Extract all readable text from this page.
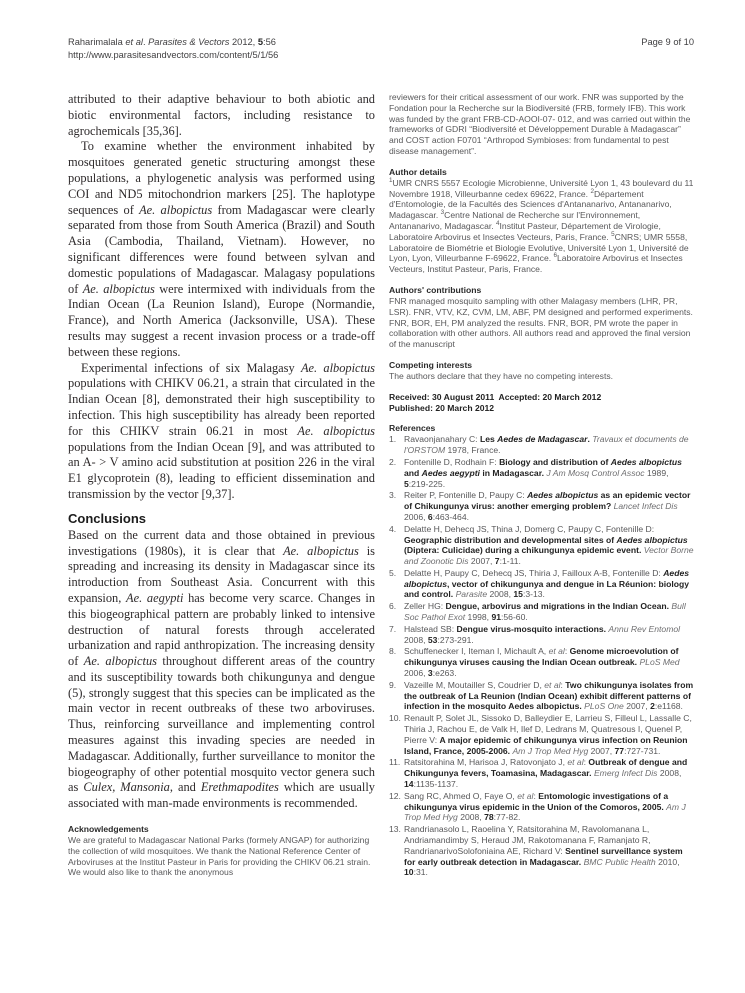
Raharimalala et al. Parasites & Vectors 2012, 5:56
http://www.parasitesandvectors.com/content/5/1/56
Page 9 of 10

attributed to their adaptive behaviour to both abiotic and biotic environmental factors, including resistance to agrochemicals [35,36].

To examine whether the environment inhabited by mosquitoes generated genetic structuring amongst these populations, a phylogenetic analysis was performed using COI and ND5 mitochondrion markers [25]. The haplotype sequences of Ae. albopictus from Madagascar were clearly separated from those from South America (Brazil) and South Asia (Cambodia, Thailand, Vietnam). However, no significant differences were found between sylvan and domestic populations of Madagascar. Malagasy populations of Ae. albopictus were intermixed with individuals from the Indian Ocean (La Reunion Island), Europe (Normandie, France), and North America (Jacksonville, USA). These results may suggest a recent invasion process or a trade-off between these regions.

Experimental infections of six Malagasy Ae. albopictus populations with CHIKV 06.21, a strain that circulated in the Indian Ocean [8], demonstrated their high susceptibility to infection. This high susceptibility has already been reported for this CHIKV strain 06.21 in most Ae. albopictus populations from the Indian Ocean [9], and was attributed to an A- > V amino acid substitution at position 226 in the viral E1 glycoprotein (8), leading to efficient dissemination and transmission by the vector [9,37].

Conclusions

Based on the current data and those obtained in previous investigations (1980s), it is clear that Ae. albopictus is spreading and increasing its density in Madagascar since its introduction from Southeast Asia. Concurrent with this expansion, Ae. aegypti has become very scarce. Changes in this biogeographical pattern are probably linked to intensive destruction of natural forests through accelerated urbanization and rapid anthropization. The increasing density of Ae. albopictus throughout different areas of the country and its susceptibility towards both chikungunya and dengue (5), strongly suggest that this species can be implicated as the main vector in recent outbreaks of these two arboviruses. Thus, reinforcing surveillance and implementing control measures against this invading species are needed in Madagascar. Additionally, further surveillance to monitor the biogeography of other potential mosquito vector genera such as Culex, Mansonia, and Erethmapodites which are usually associated with man-made environments is recommended.

Acknowledgements

We are grateful to Madagascar National Parks (formely ANGAP) for authorizing the collection of wild mosquitoes. We thank the National Reference Center of Arboviruses at the Institut Pasteur in Paris for providing the CHIKV 06.21 strain. We would also like to thank the anonymous

reviewers for their critical assessment of our work. FNR was supported by the Fondation pour la Recherche sur la Biodiversité (FRB, formely IFB). This work was funded by the grant FRB-CD-AOOI-07- 012, and was carried out within the frameworks of GDRI “Biodiversité et Développement Durable à Madagascar” and COST action F0701 “Arthropod Symbioses: from fundamental to pest disease management”.

Author details

$^1$UMR CNRS 5557 Ecologie Microbienne, Université Lyon 1, 43 boulevard du 11 Novembre 1918, Villeurbanne cedex 69622, France. $^2$Département d'Entomologie, de la Facultés des Sciences d'Antananarivo, Antananarivo, Madagascar. $^3$Centre National de Recherche sur l'Environnement, Antananarivo, Madagascar. $^4$Institut Pasteur, Département de Virologie, Laboratoire Arbovirus et Insectes Vecteurs, Paris, France. $^5$CNRS; UMR 5558, Laboratoire de Biométrie et Biologie Evolutive, Université Lyon 1, Université de Lyon, Lyon, Villeurbanne F-69622, France. $^6$Laboratoire Arbovirus et Insectes Vecteurs, Institut Pasteur, Paris, France.

Authors' contributions

FNR managed mosquito sampling with other Malagasy members (LHR, PR, LSR). FNR, VTV, KZ, CVM, LM, ABF, PM designed and performed experiments. FNR, BOR, EH, PM analyzed the results. FNR, BOR, PM wrote the paper in collaboration with other authors. All authors read and approved the final version of the manuscript

Competing interests

The authors declare that they have no competing interests.

Received: 30 August 2011 Accepted: 20 March 2012

Published: 20 March 2012

References
1. Ravaonjanahary C: Les Aedes de Madagascar. Travaux et documents de l'ORSTOM 1978, France.
2. Fontenille D, Rodhain F: Biology and distribution of Aedes albopictus and Aedes aegypti in Madagascar. J Am Mosq Control Assoc 1989, 5:219-225.
3. Reiter P, Fontenille D, Paupy C: Aedes albopictus as an epidemic vector of Chikungunya virus: another emerging problem? Lancet Infect Dis 2006, 6:463-464.
4. Delatte H, Dehecq JS, Thina J, Domerg C, Paupy C, Fontenille D: Geographic distribution and developmental sites of Aedes albopictus (Diptera: Culicidae) during a chikungunya epidemic event. Vector Borne and Zoonotic Dis 2007, 7:1-11.
5. Delatte H, Paupy C, Dehecq JS, Thiria J, Failloux A-B, Fontenille D: Aedes albopictus, vector of chikungunya and dengue in La Réunion: biology and control. Parasite 2008, 15:3-13.
6. Zeller HG: Dengue, arbovirus and migrations in the Indian Ocean. Bull Soc Pathol Exot 1998, 91:56-60.
7. Halstead SB: Dengue virus-mosquito interactions. Annu Rev Entomol 2008, 53:273-291.
8. Schuffenecker I, Iteman I, Michault A, et al: Genome microevolution of chikungunya viruses causing the Indian Ocean outbreak. PLoS Med 2006, 3:e263.
9. Vazeille M, Moutailler S, Coudrier D, et al: Two chikungunya isolates from the outbreak of La Reunion (Indian Ocean) exhibit different patterns of infection in the mosquito Aedes albopictus. PLoS One 2007, 2:e1168.
10. Renault P, Solet JL, Sissoko D, Balleydier E, Larrieu S, Filleul L, Lassalle C, Thiria J, Rachou E, de Valk H, Ilef D, Ledrans M, Quatresous I, Quenel P, Pierre V: A major epidemic of chikungunya virus infection on Reunion Island, France, 2005-2006. Am J Trop Med Hyg 2007, 77:727-731.
11. Ratsitorahina M, Harisoa J, Ratovonjato J, et al: Outbreak of dengue and Chikungunya fevers, Toamasina, Madagascar. Emerg Infect Dis 2008, 14:1135-1137.
12. Sang RC, Ahmed O, Faye O, et al: Entomologic investigations of a chikungunya virus epidemic in the Union of the Comoros, 2005. Am J Trop Med Hyg 2008, 78:77-82.
13. Randrianasolo L, Raoelina Y, Ratsitorahina M, Ravolomanana L, Andriamandimby S, Heraud JM, Rakotomanana F, Ramanjato R, RandrianarivoSolofoniaina AE, Richard V: Sentinel surveillance system for early outbreak detection in Madagascar. BMC Public Health 2010, 10:31.
